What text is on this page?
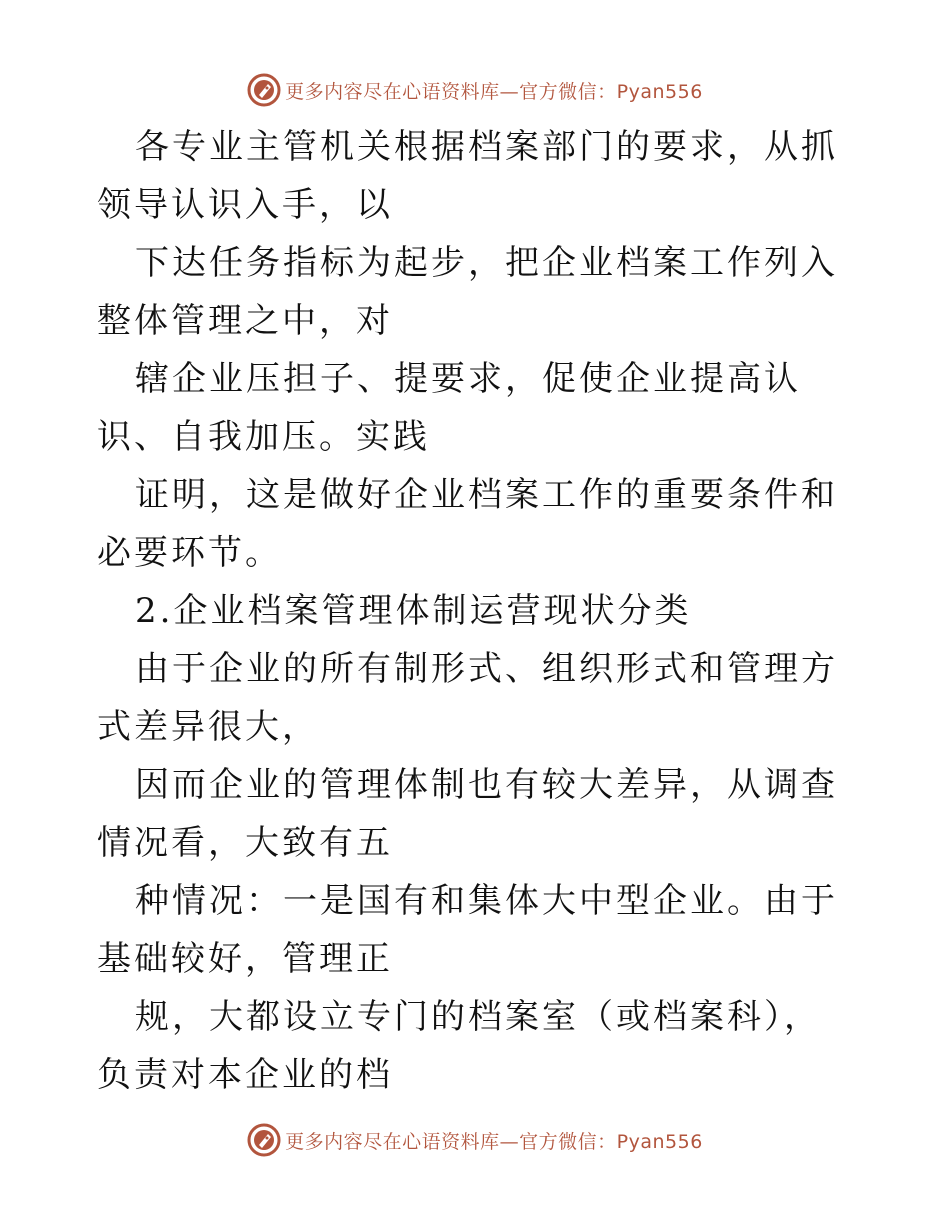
更多内容尽在心语资料库—官方微信：Pyan556

各专业主管机关根据档案部门的要求，从抓领导认识入手，以

下达任务指标为起步，把企业档案工作列入整体管理之中，对

辖企业压担子、提要求，促使企业提高认识、自我加压。实践

证明，这是做好企业档案工作的重要条件和必要环节。

2.企业档案管理体制运营现状分类

由于企业的所有制形式、组织形式和管理方式差异很大，

因而企业的管理体制也有较大差异，从调查情况看，大致有五

种情况：一是国有和集体大中型企业。由于基础较好，管理正

规，大都设立专门的档案室（或档案科），负责对本企业的档

更多内容尽在心语资料库—官方微信：Pyan556
